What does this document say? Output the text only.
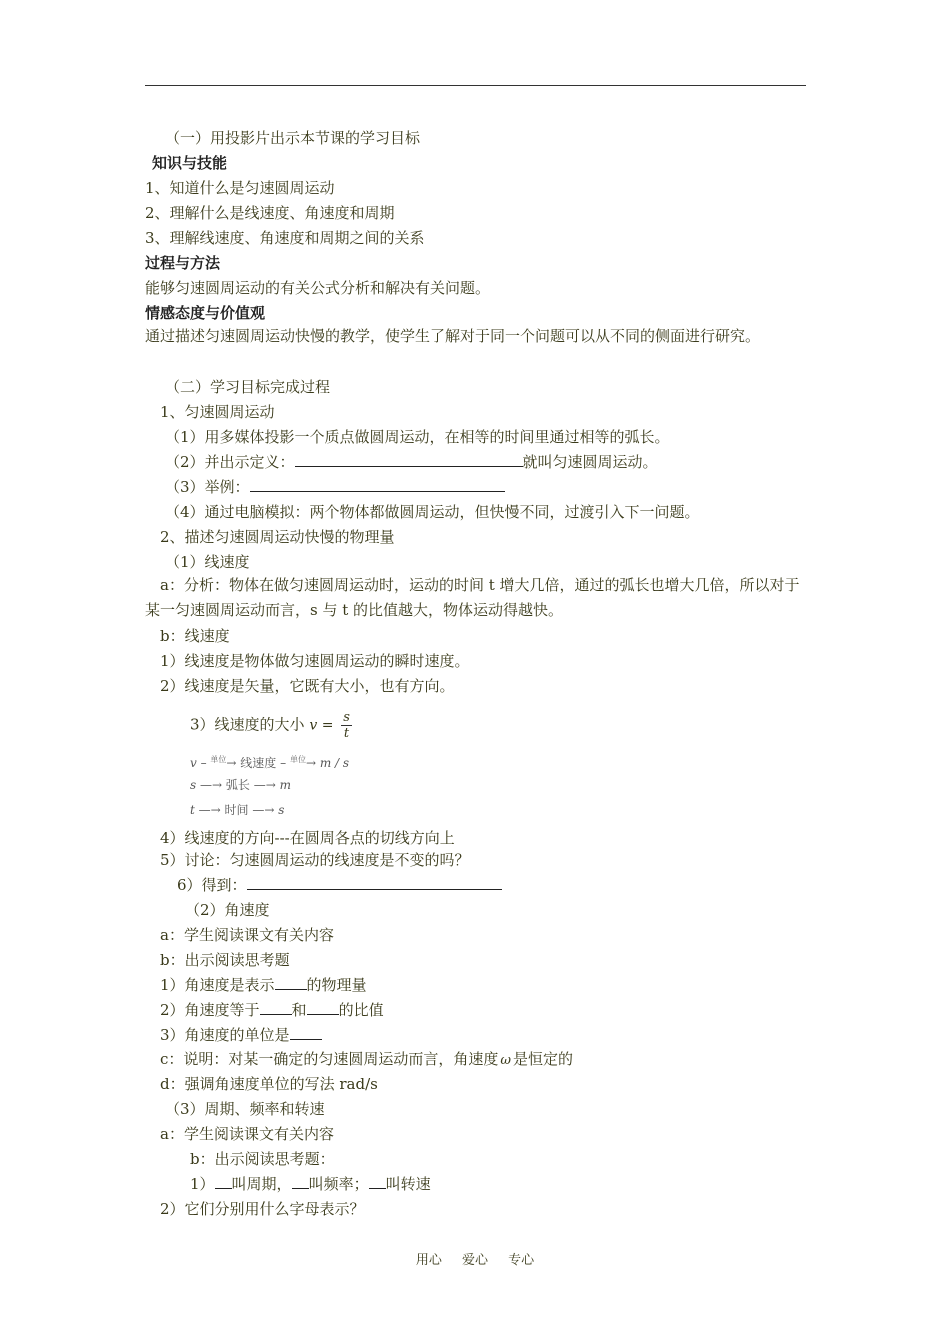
（一）用投影片出示本节课的学习目标
知识与技能
1、知道什么是匀速圆周运动
2、理解什么是线速度、角速度和周期
3、理解线速度、角速度和周期之间的关系
过程与方法
能够匀速圆周运动的有关公式分析和解决有关问题。
情感态度与价值观
通过描述匀速圆周运动快慢的教学，使学生了解对于同一个问题可以从不同的侧面进行研究。
（二）学习目标完成过程
1、匀速圆周运动
（1）用多媒体投影一个质点做圆周运动，在相等的时间里通过相等的弧长。
（2）并出示定义：	就叫匀速圆周运动。
（3）举例：
（4）通过电脑模拟：两个物体都做圆周运动，但快慢不同，过渡引入下一问题。
2、描述匀速圆周运动快慢的物理量
（1）线速度
a：分析：物体在做匀速圆周运动时，运动的时间 t 增大几倍，通过的弧长也增大几倍，所以对于某一匀速圆周运动而言，s 与 t 的比值越大，物体运动得越快。
b：线速度
1）线速度是物体做匀速圆周运动的瞬时速度。
2）线速度是矢量，它既有大小，也有方向。
3）线速度的大小 $v = \frac{s}{t}$
v – $^{单位}$→ 线速度 – $^{单位}$→ m / s
s —→ 弧长 —→ m
t —→ 时间 —→ s
4）线速度的方向---在圆周各点的切线方向上
5）讨论：匀速圆周运动的线速度是不变的吗？
6）得到：
（2）角速度
a：学生阅读课文有关内容
b：出示阅读思考题
1）角速度是表示 的物理量
2）角速度等于 和 的比值
3）角速度的单位是
c：说明：对某一确定的匀速圆周运动而言，角速度 ω 是恒定的
d：强调角速度单位的写法 rad/s
（3）周期、频率和转速
a：学生阅读课文有关内容
b：出示阅读思考题：
1） 叫周期， 叫频率； 叫转速
2）它们分别用什么字母表示？
用心 爱心 专心
